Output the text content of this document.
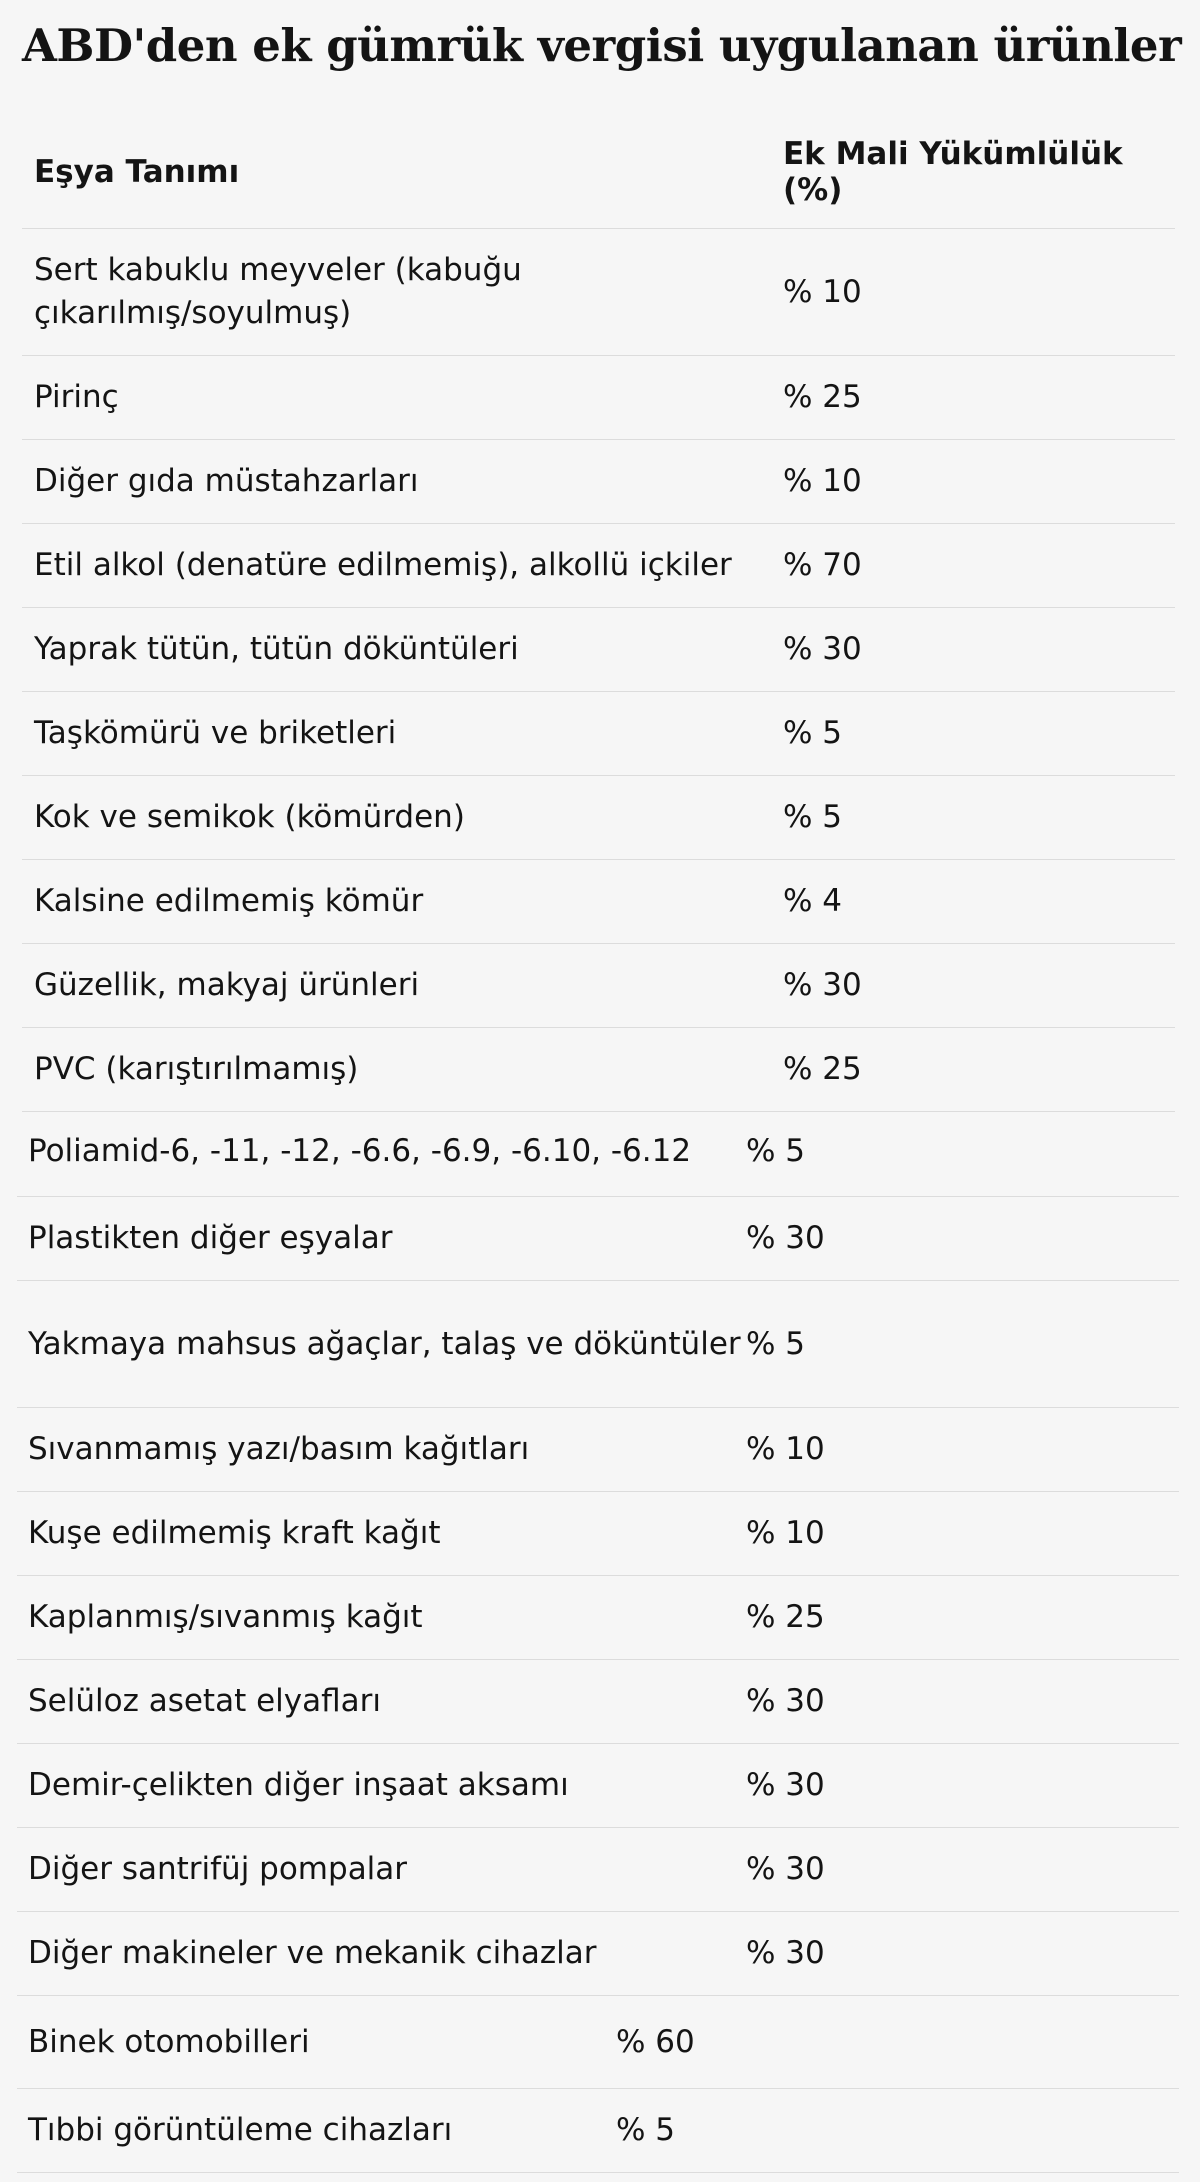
ABD'den ek gümrük vergisi uygulanan ürünler
Eşya Tanımı	Ek Mali Yükümlülük (%)
Sert kabuklu meyveler (kabuğu çıkarılmış/soyulmuş)	% 10
Pirinç	% 25
Diğer gıda müstahzarları	% 10
Etil alkol (denatüre edilmemiş), alkollü içkiler	% 70
Yaprak tütün, tütün döküntüleri	% 30
Taşkömürü ve briketleri	% 5
Kok ve semikok (kömürden)	% 5
Kalsine edilmemiş kömür	% 4
Güzellik, makyaj ürünleri	% 30
PVC (karıştırılmamış)	% 25
Poliamid-6, -11, -12, -6.6, -6.9, -6.10, -6.12	% 5
Plastikten diğer eşyalar	% 30
Yakmaya mahsus ağaçlar, talaş ve döküntüler	% 5
Sıvanmamış yazı/basım kağıtları	% 10
Kuşe edilmemiş kraft kağıt	% 10
Kaplanmış/sıvanmış kağıt	% 25
Selüloz asetat elyafları	% 30
Demir-çelikten diğer inşaat aksamı	% 30
Diğer santrifüj pompalar	% 30
Diğer makineler ve mekanik cihazlar	% 30
Binek otomobilleri	% 60
Tıbbi görüntüleme cihazları	% 5
